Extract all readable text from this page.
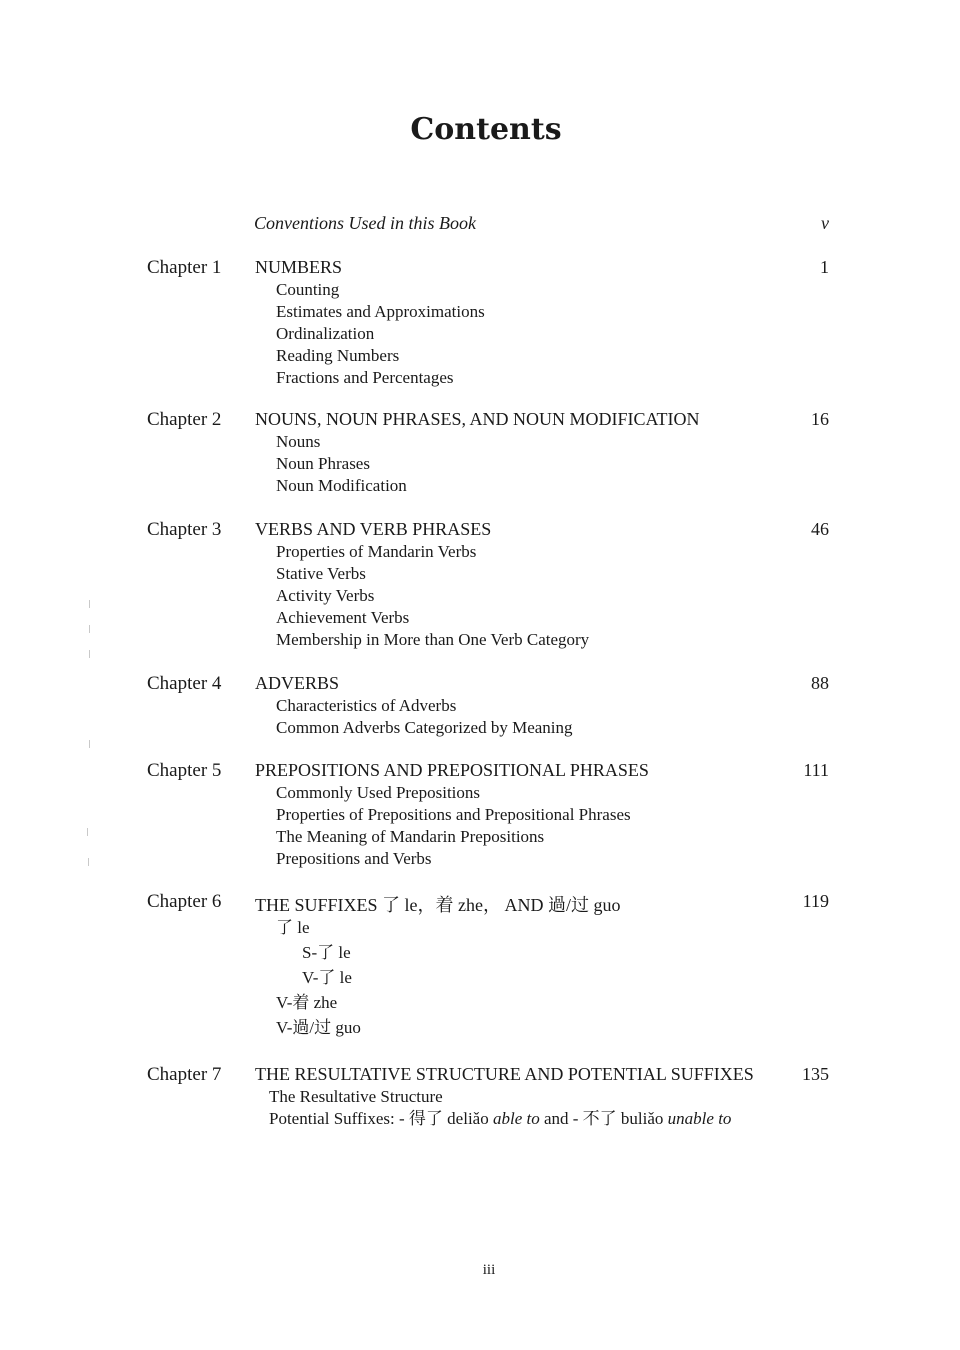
Contents
Conventions Used in this Book	v
Chapter 1 NUMBERS	1
Counting
Estimates and Approximations
Ordinalization
Reading Numbers
Fractions and Percentages
Chapter 2 NOUNS, NOUN PHRASES, AND NOUN MODIFICATION	16
Nouns
Noun Phrases
Noun Modification
Chapter 3 VERBS AND VERB PHRASES	46
Properties of Mandarin Verbs
Stative Verbs
Activity Verbs
Achievement Verbs
Membership in More than One Verb Category
Chapter 4 ADVERBS	88
Characteristics of Adverbs
Common Adverbs Categorized by Meaning
Chapter 5 PREPOSITIONS AND PREPOSITIONAL PHRASES	111
Commonly Used Prepositions
Properties of Prepositions and Prepositional Phrases
The Meaning of Mandarin Prepositions
Prepositions and Verbs
Chapter 6 THE SUFFIXES 了 le，着 zhe， AND 過/过 guo	119
了 le
S-了 le
V-了 le
V-着 zhe
V-過/过 guo
Chapter 7 THE RESULTATIVE STRUCTURE AND POTENTIAL SUFFIXES	135
The Resultative Structure
Potential Suffixes: - 得了 deliǎo able to and - 不了 buliǎo unable to
iii
